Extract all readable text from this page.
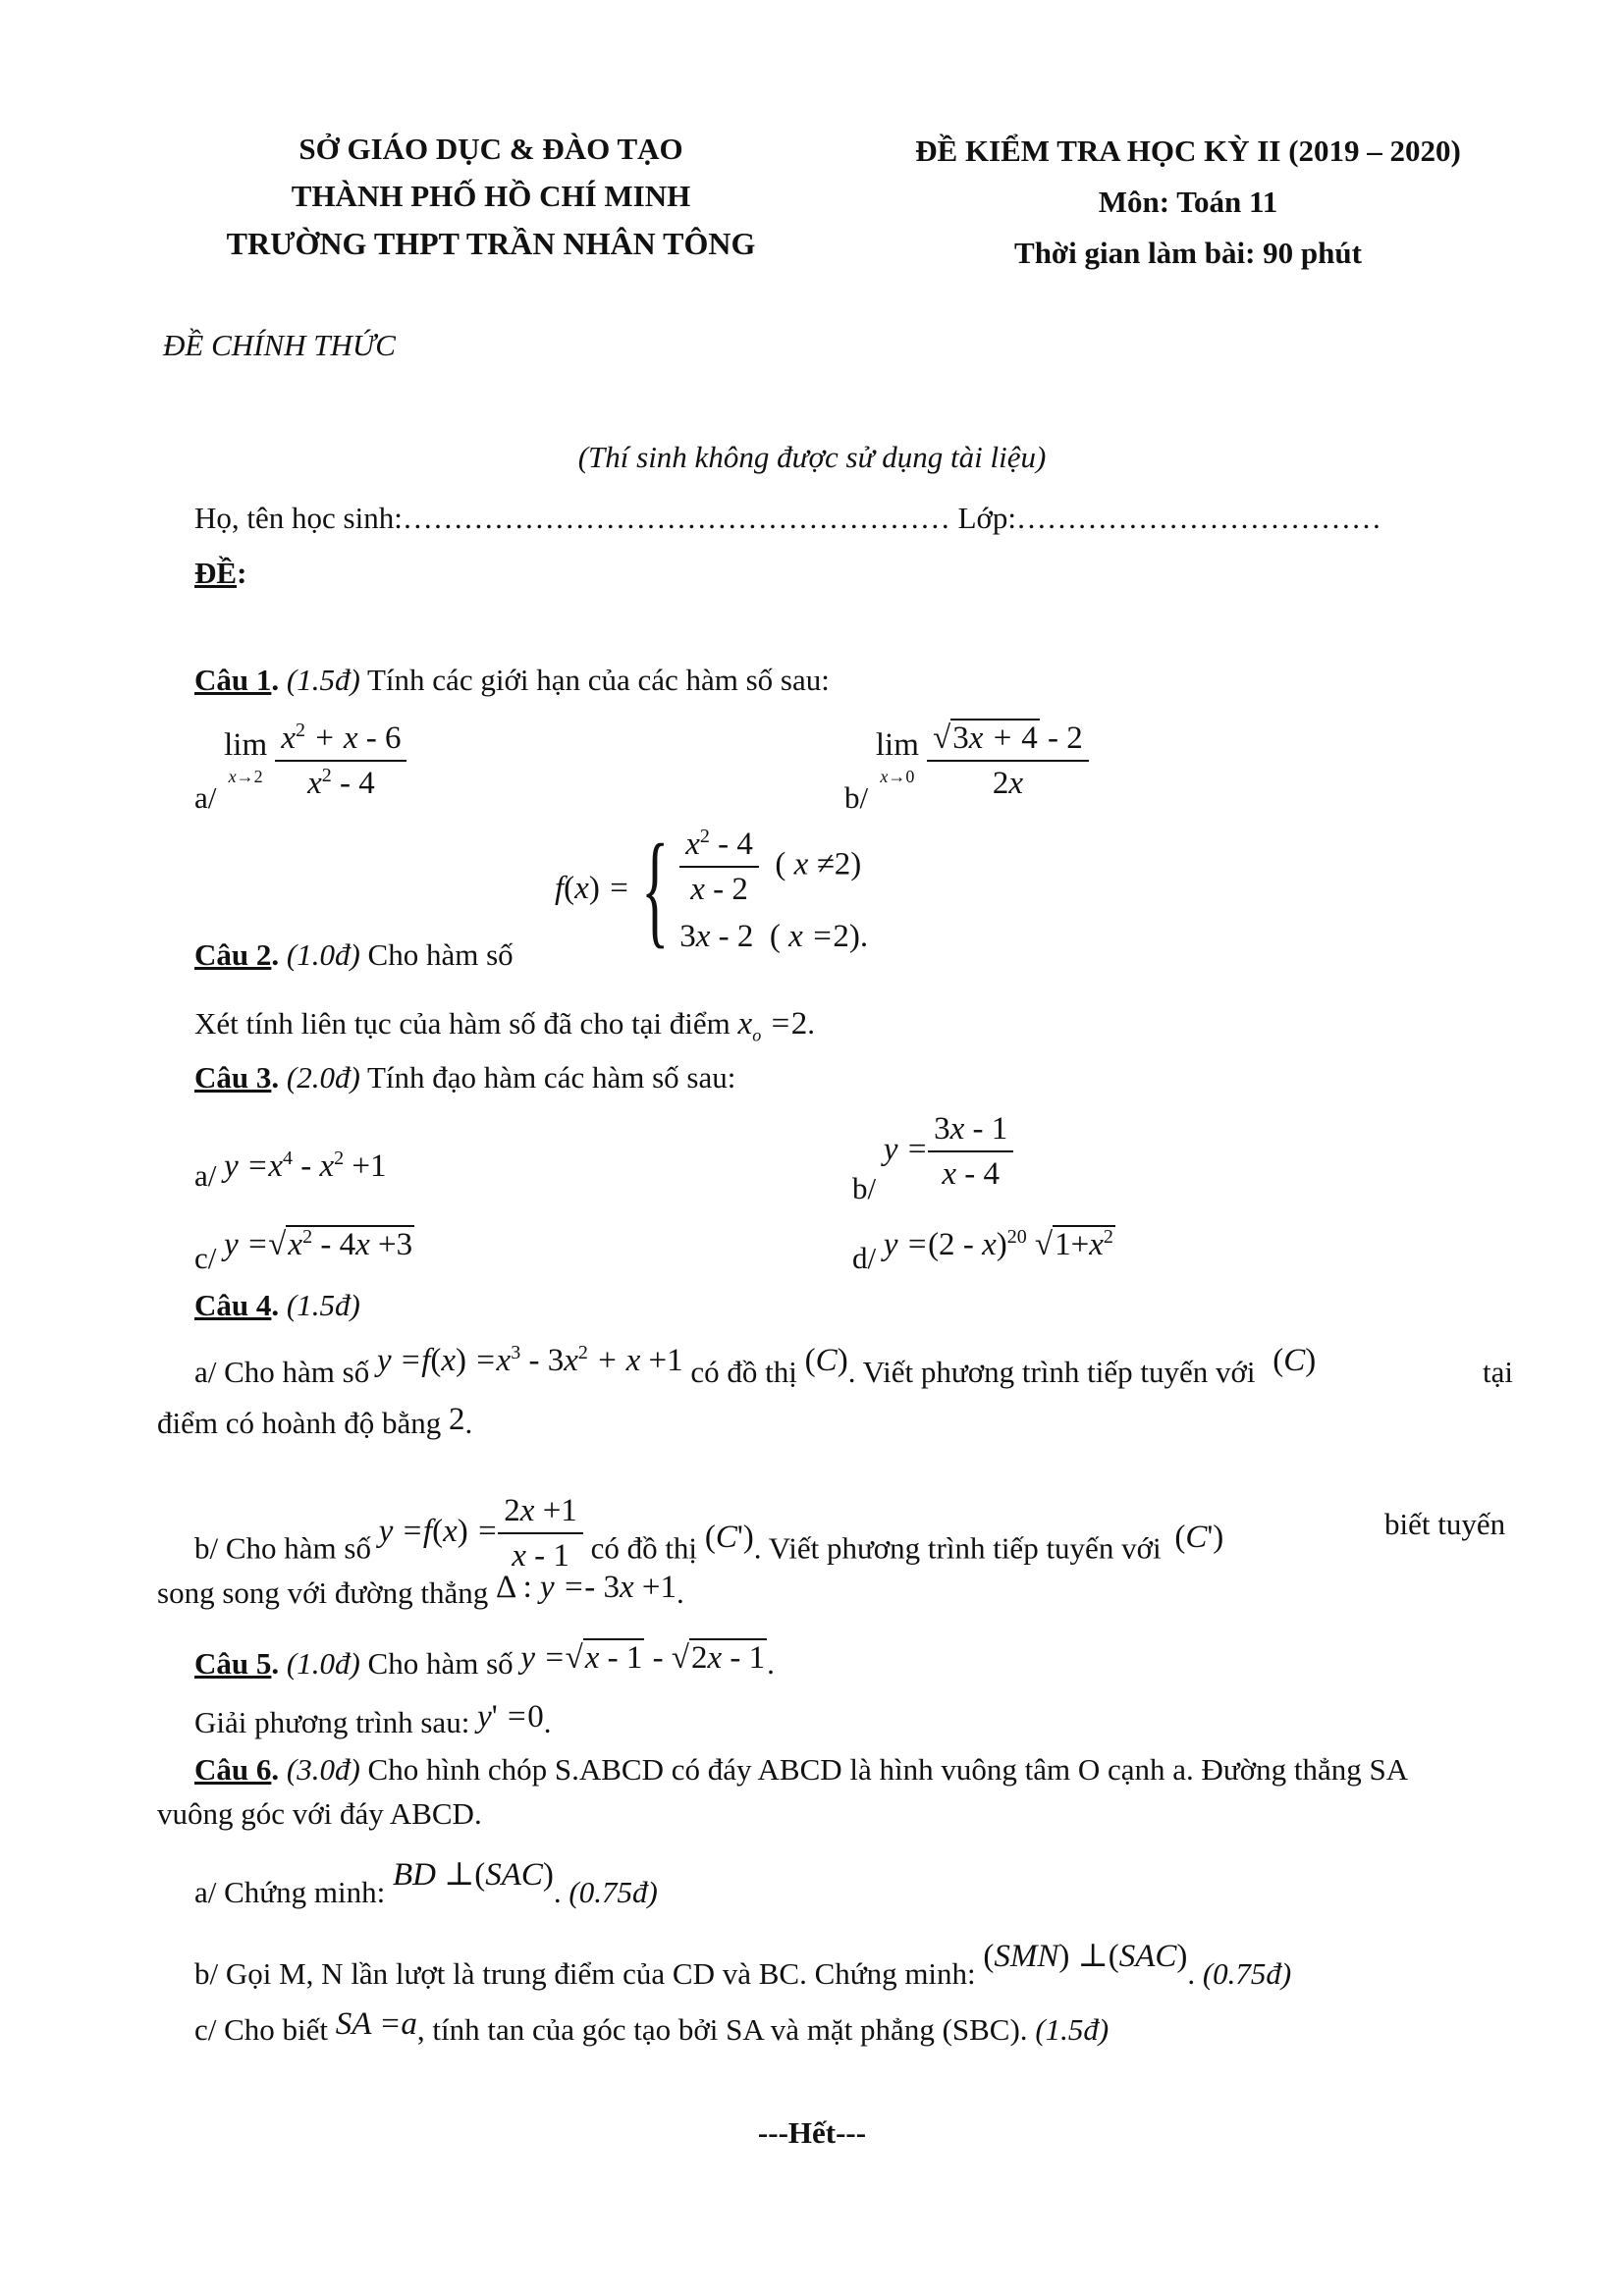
SỞ GIÁO DỤC & ĐÀO TẠO
THÀNH PHỐ HỒ CHÍ MINH
TRƯỜNG THPT TRẦN NHÂN TÔNG
ĐỀ KIỂM TRA HỌC KỲ II (2019 – 2020)
Môn: Toán 11
Thời gian làm bài: 90 phút
ĐỀ CHÍNH THỨC
(Thí sinh không được sử dụng tài liệu)
Họ, tên học sinh:……………………………………………… Lớp:………………………………
ĐỀ:
Câu 1. (1.5đ) Tính các giới hạn của các hàm số sau:
a/ lim
$x\to 2 \frac{x^2 + x - 6}{x^2 - 4}$	b/ lim
$x\to 0 \frac{√3x + 4 - 2}{2x}$
f(x) = { $\frac{x^2 - 4}{x - 2}$ ( x ≠2)
3x - 2 ( x =2).
Câu 2. (1.0đ) Cho hàm số
Xét tính liên tục của hàm số đã cho tại điểm $x_o =2$.
Câu 3. (2.0đ) Tính đạo hàm các hàm số sau:
a/ $y =x^4 - x^2 +1$
b/ $y = \frac{3x - 1}{x - 4}$
c/ $y =√x^2 - 4x +3$	d/ y =(2 - x)$^{20}$ $√1+x^2$
Câu 4. (1.5đ)
a/ Cho hàm số $y =f(x) =x^3 - 3x^2 + x +1$ có đồ thị (C). Viết phương trình tiếp tuyến với (C)	tại
điểm có hoành độ bằng 2.
b/ Cho hàm số $y =f(x) = \frac{2x +1}{x - 1}$ có đồ thị (C'). Viết phương trình tiếp tuyến với (C')	biết tuyến
song song với đường thẳng Δ : y =- 3x +1.
Câu 5. (1.0đ) Cho hàm số y =√x - 1 - √2x - 1.
Giải phương trình sau: y' =0.
Câu 6. (3.0đ) Cho hình chóp S.ABCD có đáy ABCD là hình vuông tâm O cạnh a. Đường thẳng SA
vuông góc với đáy ABCD.
a/ Chứng minh: BD ⊥(SAC). (0.75đ)
b/ Gọi M, N lần lượt là trung điểm của CD và BC. Chứng minh: (SMN) ⊥(SAC). (0.75đ)
c/ Cho biết SA =a, tính tan của góc tạo bởi SA và mặt phẳng (SBC). (1.5đ)
---Hết---
